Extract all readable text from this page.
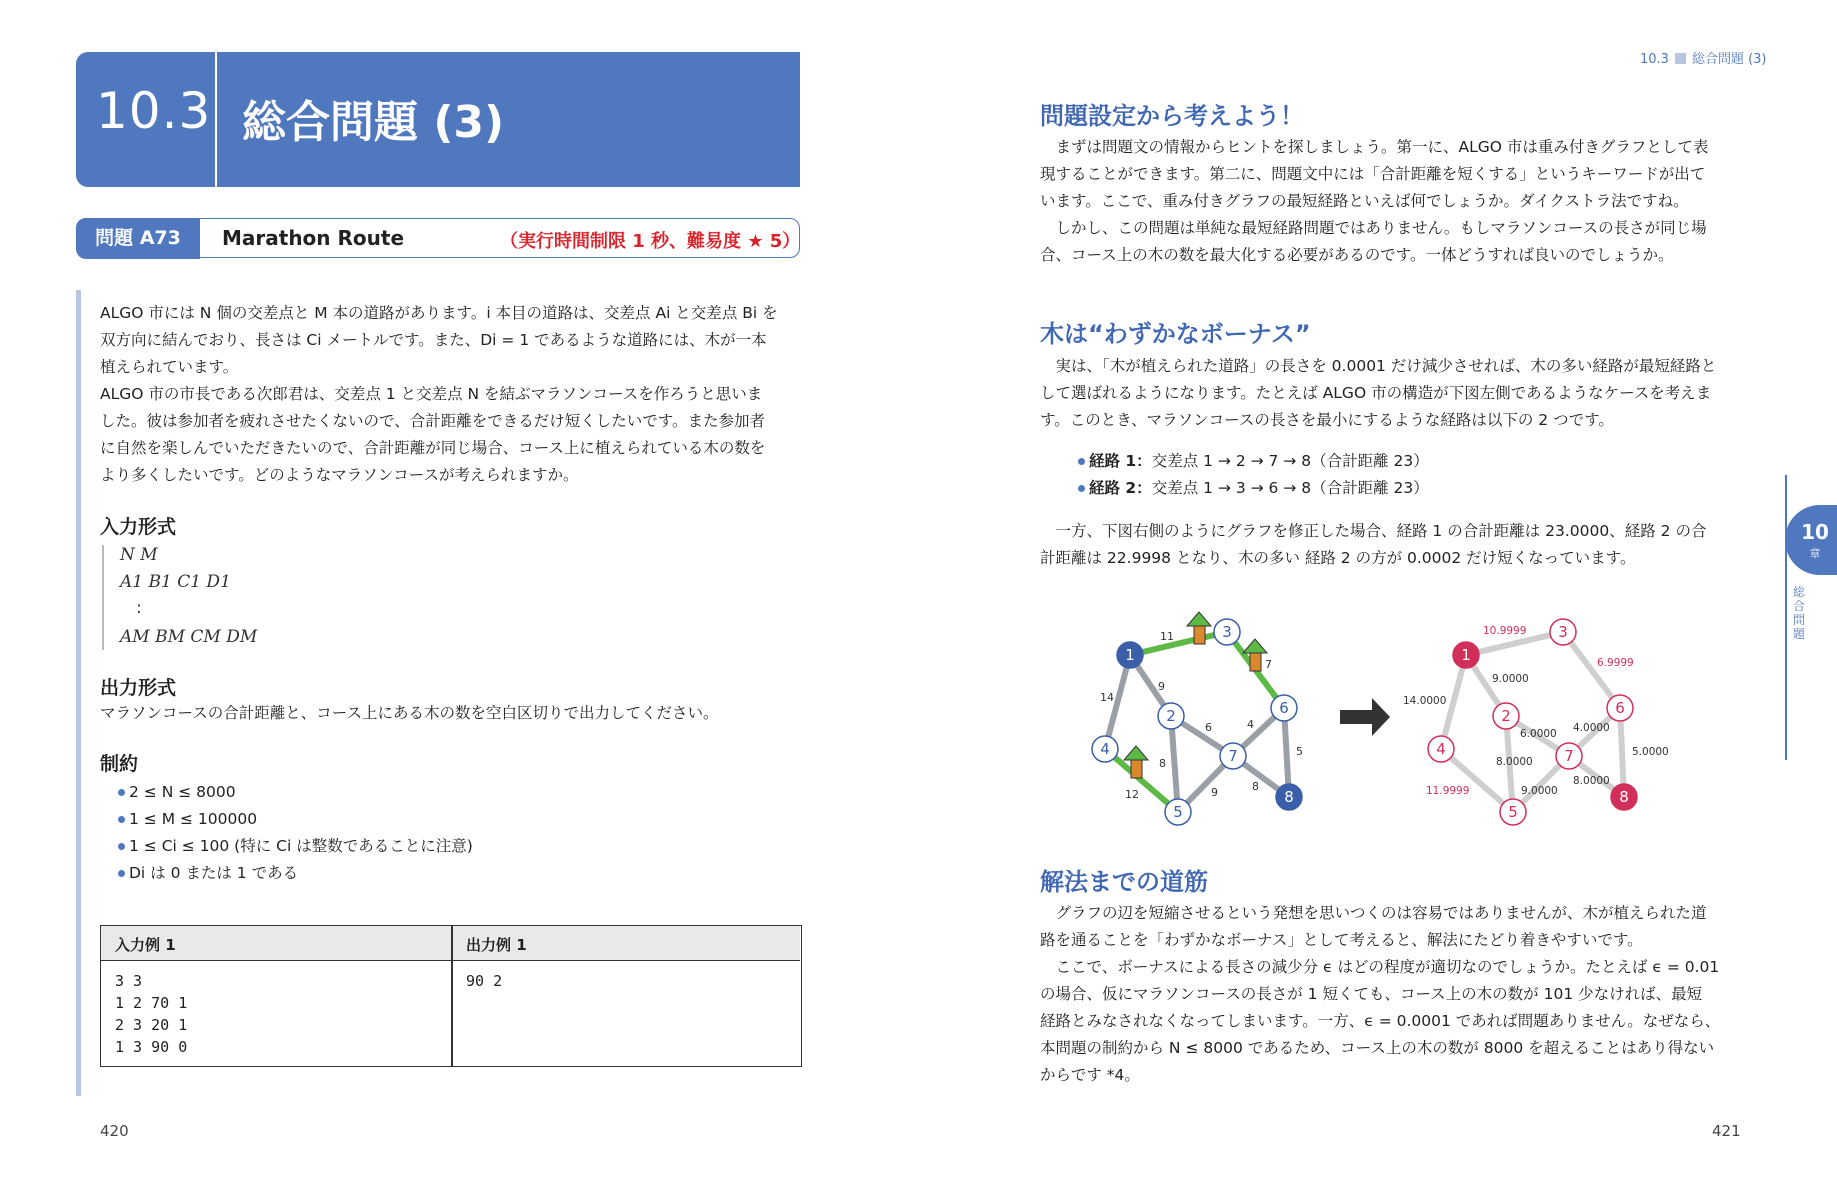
10.3 総合問題 (3)
問題 A73	Marathon Route	（実行時間制限 1 秒、難易度 ★ 5）
ALGO 市には N 個の交差点と M 本の道路があります。i 本目の道路は、交差点 Ai と交差点 Bi を
双方向に結んでおり、長さは Ci メートルです。また、Di = 1 であるような道路には、木が一本
植えられています。
ALGO 市の市長である次郎君は、交差点 1 と交差点 N を結ぶマラソンコースを作ろうと思いま
した。彼は参加者を疲れさせたくないので、合計距離をできるだけ短くしたいです。また参加者
に自然を楽しんでいただきたいので、合計距離が同じ場合、コース上に植えられている木の数を
より多くしたいです。どのようなマラソンコースが考えられますか。
入力形式
N M
A1 B1 C1 D1
:
AM BM CM DM
出力形式
マラソンコースの合計距離と、コース上にある木の数を空白区切りで出力してください。
制約
2 ≤ N ≤ 8000
1 ≤ M ≤ 100000
1 ≤ Ci ≤ 100 (特に Ci は整数であることに注意)
Di は 0 または 1 である
入力例 1	出力例 1
3 3
1 2 70 1
2 3 20 1
1 3 90 0
90 2
420
10.3 総合問題 (3)
問題設定から考えよう！
　まずは問題文の情報からヒントを探しましょう。第一に、ALGO 市は重み付きグラフとして表
現することができます。第二に、問題文中には「合計距離を短くする」というキーワードが出て
います。ここで、重み付きグラフの最短経路といえば何でしょうか。ダイクストラ法ですね。
　しかし、この問題は単純な最短経路問題ではありません。もしマラソンコースの長さが同じ場
合、コース上の木の数を最大化する必要があるのです。一体どうすれば良いのでしょうか。
木は“わずかなボーナス”
　実は、「木が植えられた道路」の長さを 0.0001 だけ減少させれば、木の多い経路が最短経路と
して選ばれるようになります。たとえば ALGO 市の構造が下図左側であるようなケースを考えま
す。このとき、マラソンコースの長さを最小にするような経路は以下の 2 つです。
経路 1：交差点 1 → 2 → 7 → 8（合計距離 23）
経路 2：交差点 1 → 3 → 6 → 8（合計距離 23）
　一方、下図右側のようにグラフを修正した場合、経路 1 の合計距離は 23.0000、経路 2 の合
計距離は 22.9998 となり、木の多い 経路 2 の方が 0.0002 だけ短くなっています。
11
9
7
14
6	4
8
5
12	9	8
1
2
3
4
5
6
7
8
10.9999
9.0000
6.9999
14.0000
6.0000 4.0000
8.0000
5.0000
11.9999	9.0000
8.0000
1
2
3
4
5
6
7
8
解法までの道筋
　グラフの辺を短縮させるという発想を思いつくのは容易ではありませんが、木が植えられた道
路を通ることを「わずかなボーナス」として考えると、解法にたどり着きやすいです。
　ここで、ボーナスによる長さの減少分 ϵ はどの程度が適切なのでしょうか。たとえば ϵ = 0.01
の場合、仮にマラソンコースの長さが 1 短くても、コース上の木の数が 101 少なければ、最短
経路とみなされなくなってしまいます。一方、ϵ = 0.0001 であれば問題ありません。なぜなら、
本問題の制約から N ≤ 8000 であるため、コース上の木の数が 8000 を超えることはあり得ない
からです *4。
10
章
総合問題
421
